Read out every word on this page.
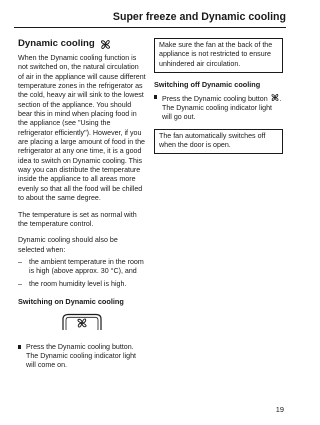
Super freeze and Dynamic cooling
Dynamic cooling

When the Dynamic cooling function is not switched on, the natural circulation of air in the appliance will cause different temperature zones in the refrigerator as the cold, heavy air will sink to the lowest section of the appliance. You should bear this in mind when placing food in the appliance (see "Using the refrigerator efficiently"). However, if you are placing a large amount of food in the refrigerator at any one time, it is a good idea to switch on Dynamic cooling. This way you can distribute the temperature inside the appliance to all areas more evenly so that all the food will be chilled to about the same degree.

The temperature is set as normal with the temperature control.

Dynamic cooling should also be selected when:

– the ambient temperature in the room is high (above approx. 30 °C), and
– the room humidity level is high.
Switching on Dynamic cooling
Press the Dynamic cooling button. The Dynamic cooling indicator light will come on.
Make sure the fan at the back of the appliance is not restricted to ensure unhindered air circulation.
Switching off Dynamic cooling
Press the Dynamic cooling button . The Dynamic cooling indicator light will go out.
The fan automatically switches off when the door is open.
19
